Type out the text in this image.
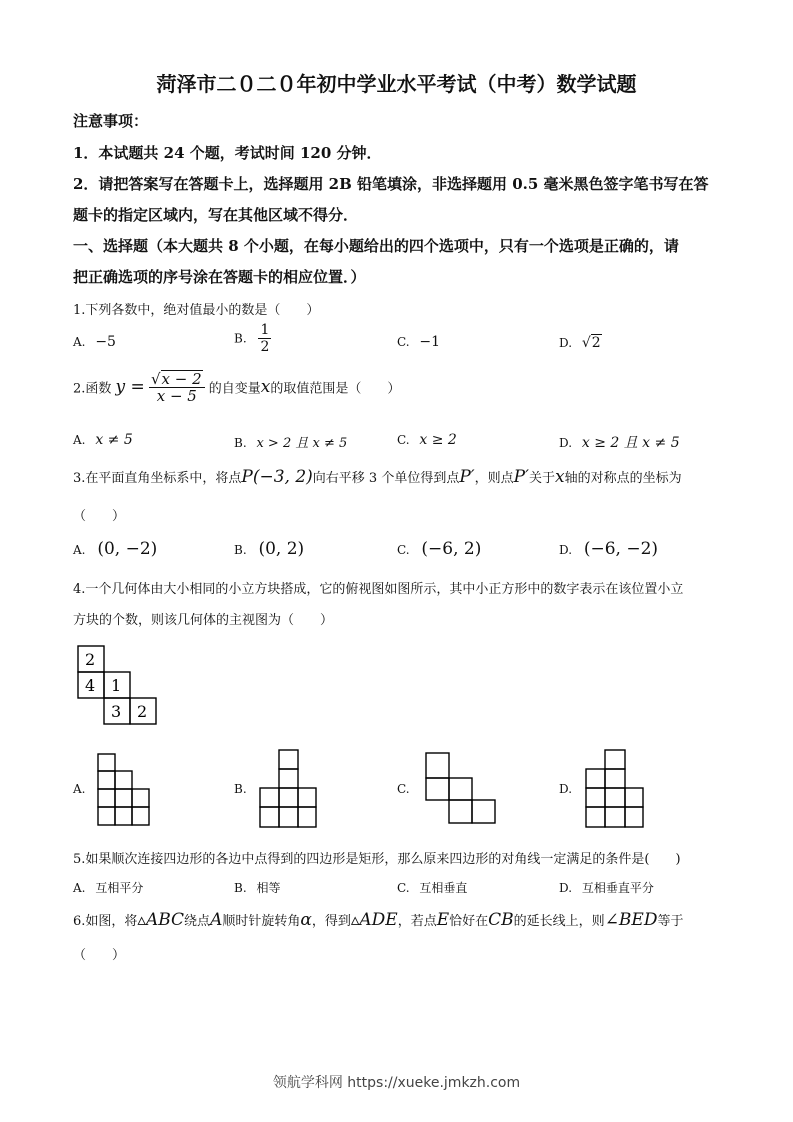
菏泽市二０二０年初中学业水平考试（中考）数学试题
注意事项：
1．本试题共 24 个题，考试时间 120 分钟．
2．请把答案写在答题卡上，选择题用 2B 铅笔填涂，非选择题用 0.5 毫米黑色签字笔书写在答
题卡的指定区域内，写在其他区域不得分．
一、选择题（本大题共 8 个小题，在每小题给出的四个选项中，只有一个选项是正确的，请
把正确选项的序号涂在答题卡的相应位置．）
1.下列各数中，绝对值最小的数是（　　）
A. −5	B. $\frac{1}{2}$	C. −1	D. √2
2.函数 $y = \frac{√x - 2}{x - 5}$ 的自变量x的取值范围是（　　）
A. x ≠ 5	B. x > 2 且 x ≠ 5	C. x ≥ 2	D. x ≥ 2 且 x ≠ 5
3.在平面直角坐标系中，将点P(−3, 2)向右平移 3 个单位得到点P′，则点P′关于x轴的对称点的坐标为
（　　）
A. (0, −2)	B. (0, 2)	C. (−6, 2)	D. (−6, −2)
4.一个几何体由大小相同的小立方块搭成，它的俯视图如图所示，其中小正方形中的数字表示在该位置小立
方块的个数，则该几何体的主视图为（　　）
2
4 1
3 2
A.	B.	C.	D.
5.如果顺次连接四边形的各边中点得到的四边形是矩形，那么原来四边形的对角线一定满足的条件是(　　)
A. 互相平分	B. 相等	C. 互相垂直	D. 互相垂直平分
6.如图，将▵ABC绕点A顺时针旋转角α，得到▵ADE，若点E恰好在CB的延长线上，则∠BED等于
（　　）
领航学科网 https://xueke.jmkzh.com
